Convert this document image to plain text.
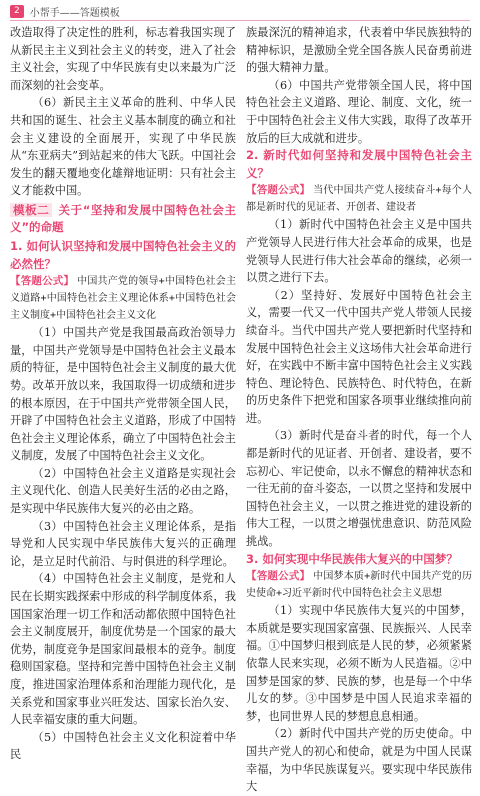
2	小帮手——答题模板

改造取得了决定性的胜利，标志着我国实现了从新民主主义到社会主义的转变，进入了社会主义社会，实现了中华民族有史以来最为广泛而深刻的社会变革。

（6）新民主主义革命的胜利、中华人民共和国的诞生、社会主义基本制度的确立和社会主义建设的全面展开，实现了中华民族从“东亚病夫”到站起来的伟大飞跃。中国社会发生的翻天覆地变化雄辩地证明：只有社会主义才能救中国。

模板二 关于“坚持和发展中国特色社会主义”的命题

1. 如何认识坚持和发展中国特色社会主义的必然性？

【答题公式】 中国共产党的领导+中国特色社会主义道路+中国特色社会主义理论体系+中国特色社会主义制度+中国特色社会主义文化

（1）中国共产党是我国最高政治领导力量，中国共产党领导是中国特色社会主义最本质的特征，是中国特色社会主义制度的最大优势。改革开放以来，我国取得一切成绩和进步的根本原因，在于中国共产党带领全国人民，开辟了中国特色社会主义道路，形成了中国特色社会主义理论体系，确立了中国特色社会主义制度，发展了中国特色社会主义文化。

（2）中国特色社会主义道路是实现社会主义现代化、创造人民美好生活的必由之路，是实现中华民族伟大复兴的必由之路。

（3）中国特色社会主义理论体系，是指导党和人民实现中华民族伟大复兴的正确理论，是立足时代前沿、与时俱进的科学理论。

（4）中国特色社会主义制度，是党和人民在长期实践探索中形成的科学制度体系，我国国家治理一切工作和活动都依照中国特色社会主义制度展开，制度优势是一个国家的最大优势，制度竞争是国家间最根本的竞争。制度稳则国家稳。坚持和完善中国特色社会主义制度，推进国家治理体系和治理能力现代化，是关系党和国家事业兴旺发达、国家长治久安、人民幸福安康的重大问题。

（5）中国特色社会主义文化积淀着中华民

族最深沉的精神追求，代表着中华民族独特的精神标识，是激励全党全国各族人民奋勇前进的强大精神力量。

（6）中国共产党带领全国人民，将中国特色社会主义道路、理论、制度、文化，统一于中国特色社会主义伟大实践，取得了改革开放后的巨大成就和进步。

2. 新时代如何坚持和发展中国特色社会主义？

【答题公式】 当代中国共产党人接续奋斗+每个人都是新时代的见证者、开创者、建设者

（1）新时代中国特色社会主义是中国共产党领导人民进行伟大社会革命的成果，也是党领导人民进行伟大社会革命的继续，必须一以贯之进行下去。

（2）坚持好、发展好中国特色社会主义，需要一代又一代中国共产党人带领人民接续奋斗。当代中国共产党人要把新时代坚持和发展中国特色社会主义这场伟大社会革命进行好，在实践中不断丰富中国特色社会主义实践特色、理论特色、民族特色、时代特色，在新的历史条件下把党和国家各项事业继续推向前进。

（3）新时代是奋斗者的时代，每一个人都是新时代的见证者、开创者、建设者，要不忘初心、牢记使命，以永不懈怠的精神状态和一往无前的奋斗姿态，一以贯之坚持和发展中国特色社会主义，一以贯之推进党的建设新的伟大工程，一以贯之增强忧患意识、防范风险挑战。

3. 如何实现中华民族伟大复兴的中国梦？

【答题公式】 中国梦本质+新时代中国共产党的历史使命+习近平新时代中国特色社会主义思想

（1）实现中华民族伟大复兴的中国梦，本质就是要实现国家富强、民族振兴、人民幸福。①中国梦归根到底是人民的梦，必须紧紧依靠人民来实现，必须不断为人民造福。②中国梦是国家的梦、民族的梦，也是每一个中华儿女的梦。③中国梦是中国人民追求幸福的梦，也同世界人民的梦想息息相通。

（2）新时代中国共产党的历史使命。中国共产党人的初心和使命，就是为中国人民谋幸福，为中华民族谋复兴。要实现中华民族伟大
